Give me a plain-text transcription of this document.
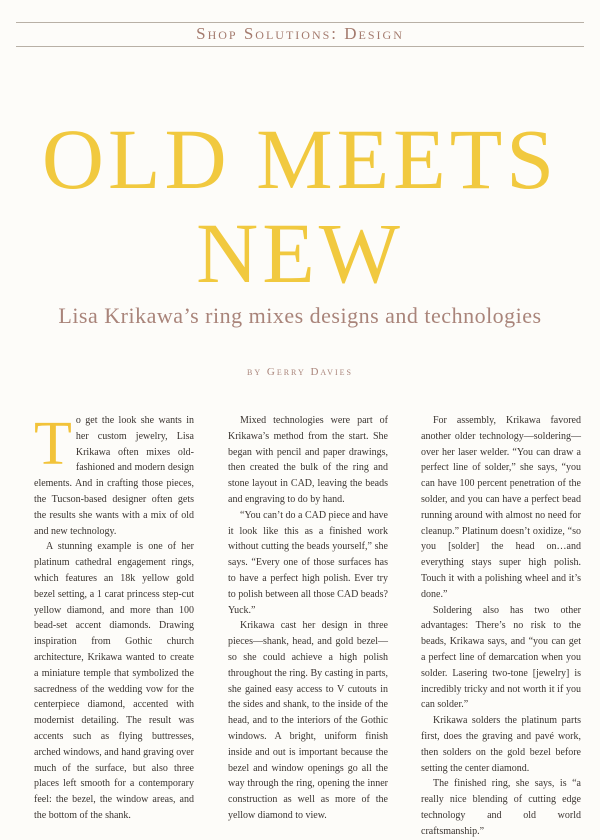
Shop Solutions: Design
OLD MEETS
NEW
Lisa Krikawa’s ring mixes designs and technologies
by Gerry Davies

To get the look she wants in her custom jewelry, Lisa Krikawa often mixes old-fashioned and modern design elements. And in crafting those pieces, the Tucson-based designer often gets the results she wants with a mix of old and new technology.

A stunning example is one of her platinum cathedral engagement rings, which features an 18k yellow gold bezel setting, a 1 carat princess step-cut yellow diamond, and more than 100 bead-set accent diamonds. Drawing inspiration from Gothic church architecture, Krikawa wanted to create a miniature temple that symbolized the sacredness of the wedding vow for the centerpiece diamond, accented with modernist detailing. The result was accents such as flying buttresses, arched windows, and hand graving over much of the surface, but also three places left smooth for a contemporary feel: the bezel, the window areas, and the bottom of the shank.

Mixed technologies were part of Krikawa’s method from the start. She began with pencil and paper drawings, then created the bulk of the ring and stone layout in CAD, leaving the beads and engraving to do by hand.

“You can’t do a CAD piece and have it look like this as a finished work without cutting the beads yourself,” she says. “Every one of those surfaces has to have a perfect high polish. Ever try to polish between all those CAD beads? Yuck.”

Krikawa cast her design in three pieces—shank, head, and gold bezel—so she could achieve a high polish throughout the ring. By casting in parts, she gained easy access to V cutouts in the sides and shank, to the inside of the head, and to the interiors of the Gothic windows. A bright, uniform finish inside and out is important because the bezel and window openings go all the way through the ring, opening the inner construction as well as more of the yellow diamond to view.

For assembly, Krikawa favored another older technology—soldering—over her laser welder. “You can draw a perfect line of solder,” she says, “you can have 100 percent penetration of the solder, and you can have a perfect bead running around with almost no need for cleanup.” Platinum doesn’t oxidize, “so you [solder] the head on…and everything stays super high polish. Touch it with a polishing wheel and it’s done.”

Soldering also has two other advantages: There’s no risk to the beads, Krikawa says, and “you can get a perfect line of demarcation when you solder. Lasering two-tone [jewelry] is incredibly tricky and not worth it if you can solder.”

Krikawa solders the platinum parts first, does the graving and pavé work, then solders on the gold bezel before setting the center diamond.

The finished ring, she says, is “a really nice blending of cutting edge technology and old world craftsmanship.”
